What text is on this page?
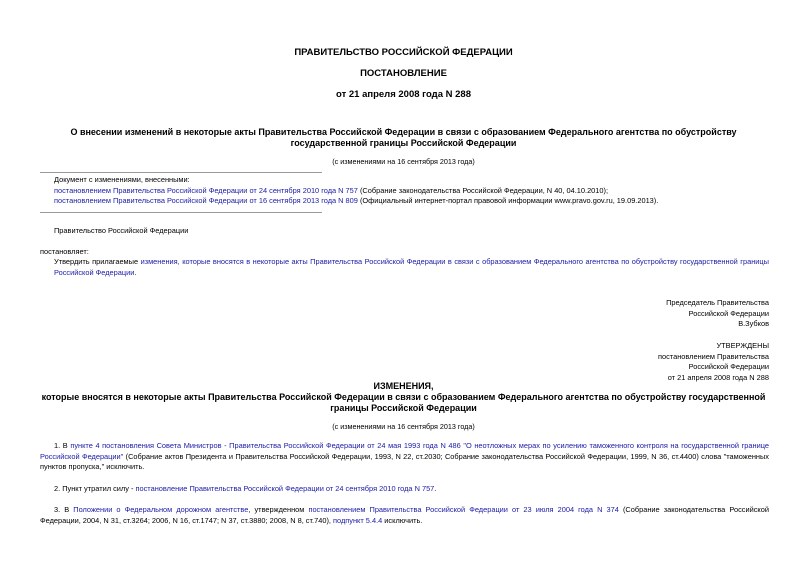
ПРАВИТЕЛЬСТВО РОССИЙСКОЙ ФЕДЕРАЦИИ
ПОСТАНОВЛЕНИЕ
от 21 апреля 2008 года N 288
О внесении изменений в некоторые акты Правительства Российской Федерации в связи с образованием Федерального агентства по обустройству
государственной границы Российской Федерации
(с изменениями на 16 сентября 2013 года)
Документ с изменениями, внесенными:
постановлением Правительства Российской Федерации от 24 сентября 2010 года N 757 (Собрание законодательства Российской Федерации, N 40, 04.10.2010);
постановлением Правительства Российской Федерации от 16 сентября 2013 года N 809 (Официальный интернет-портал правовой информации www.pravo.gov.ru, 19.09.2013).
Правительство Российской Федерации
постановляет:
Утвердить прилагаемые изменения, которые вносятся в некоторые акты Правительства Российской Федерации в связи с образованием Федерального агентства по обустройству государственной границы Российской Федерации.
Председатель Правительства
Российской Федерации
В.Зубков
УТВЕРЖДЕНЫ
постановлением Правительства
Российской Федерации
от 21 апреля 2008 года N 288
ИЗМЕНЕНИЯ,
которые вносятся в некоторые акты Правительства Российской Федерации в связи с образованием Федерального агентства по обустройству государственной
границы Российской Федерации
(с изменениями на 16 сентября 2013 года)
1. В пункте 4 постановления Совета Министров - Правительства Российской Федерации от 24 мая 1993 года N 486 "О неотложных мерах по усилению таможенного контроля на государственной границе Российской Федерации" (Собрание актов Президента и Правительства Российской Федерации, 1993, N 22, ст.2030; Собрание законодательства Российской Федерации, 1999, N 36, ст.4400) слова "таможенных пунктов пропуска," исключить.
2. Пункт утратил силу - постановление Правительства Российской Федерации от 24 сентября 2010 года N 757.
3. В Положении о Федеральном дорожном агентстве, утвержденном постановлением Правительства Российской Федерации от 23 июля 2004 года N 374 (Собрание законодательства Российской Федерации, 2004, N 31, ст.3264; 2006, N 16, ст.1747; N 37, ст.3880; 2008, N 8, ст.740), подпункт 5.4.4 исключить.
